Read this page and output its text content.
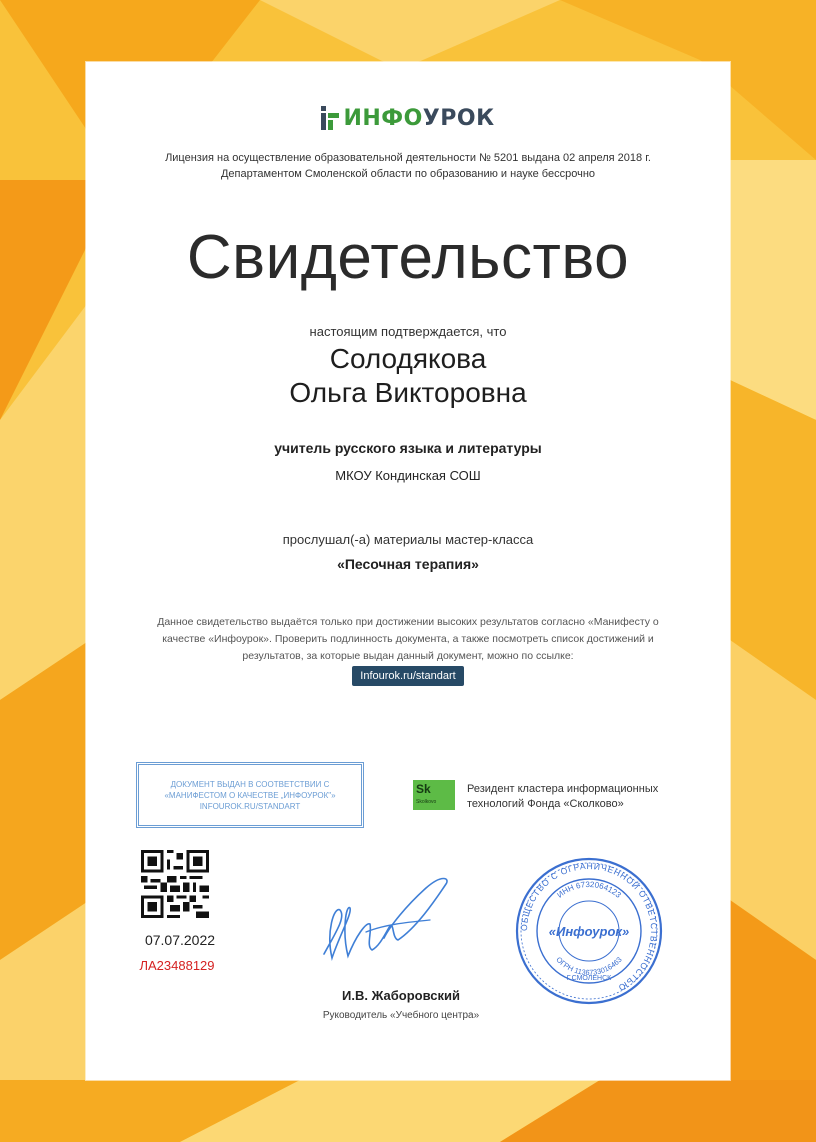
ИНФОУРОК
Лицензия на осуществление образовательной деятельности № 5201 выдана 02 апреля 2018 г. Департаментом Смоленской области по образованию и науке бессрочно
Свидетельство
настоящим подтверждается, что
Солодякова
Ольга Викторовна
учитель русского языка и литературы
МКОУ Кондинская СОШ
прослушал(-а) материалы мастер-класса
«Песочная терапия»
Данное свидетельство выдаётся только при достижении высоких результатов согласно «Манифесту о качестве «Инфоурок». Проверить подлинность документа, а также посмотреть список достижений и результатов, за которые выдан данный документ, можно по ссылке:
Infourok.ru/standart
ДОКУМЕНТ ВЫДАН В СООТВЕТСТВИИ С
«МАНИФЕСТОМ О КАЧЕСТВЕ „ИНФОУРОК"»
INFOUROK.RU/STANDART
Sk
Skolkovo
Резидент кластера информационных технологий Фонда «Сколково»
07.07.2022
ЛА23488129
И.В. Жаборовский
Руководитель «Учебного центра»
ОБЩЕСТВО С ОГРАНИЧЕННОЙ ОТВЕТСТВЕННОСТЬЮ
ИНН 6732064123
ОГРН 1136733016463
«Инфоурок»
Г.СМОЛЕНСК
